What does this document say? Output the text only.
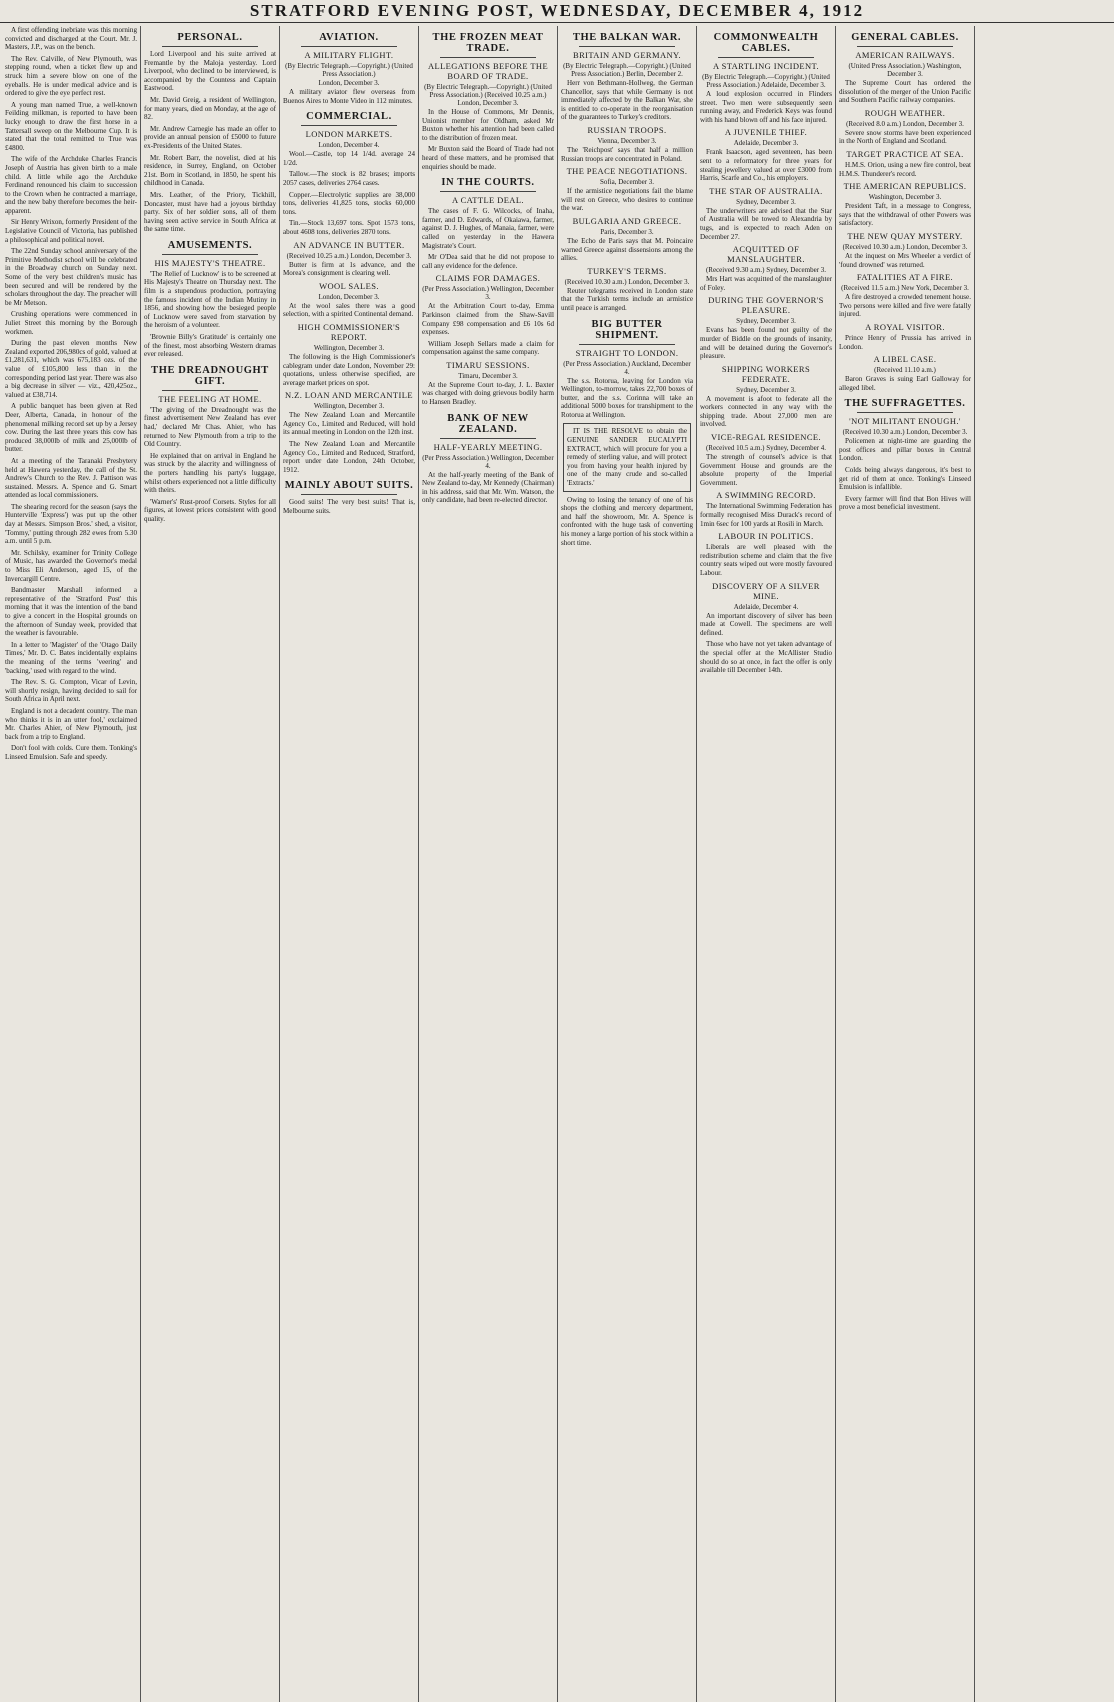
STRATFORD EVENING POST, WEDNESDAY, DECEMBER 4, 1912
A first offending inebriate was this morning convicted and discharged at the Court. Mr. J. Masters, J.P., was on the bench.
The Rev. Calville, of New Plymouth, was stepping round, when a ticket flew up and struck him a severe blow on one of the eyeballs. He is under medical advice and is ordered to give the eye perfect rest.
A young man named True, a well-known Feilding milkman, is reported to have been lucky enough to draw the first horse in a Tattersall sweep on the Melbourne Cup. It is stated that the total remitted to True was £4800.
The wife of the Archduke Charles Francis Joseph of Austria has given birth to a male child. A little while ago the Archduke Ferdinand renounced his claim to succession to the Crown when he contracted a marriage, and the new baby therefore becomes the heir-apparent.
Sir Henry Wrixon, formerly President of the Legislative Council of Victoria, has published a philosophical and political novel.
The 22nd Sunday school anniversary of the Primitive Methodist school will be celebrated in the Broadway church on Sunday next. Some of the very best children's music has been secured and will be rendered by the scholars throughout the day. The preacher will be Mr Metson.
Crushing operations were commenced in Juliet Street this morning by the Borough workmen.
During the past eleven months New Zealand exported 206,980cs of gold, valued at £1,281,631, which was 675,183 ozs. of the value of £105,800 less than in the corresponding period last year. There was also a big decrease in silver — viz., 420,425oz., valued at £38,714.
A public banquet has been given at Red Deer, Alberta, Canada, in honour of the phenomenal milking record set up by a Jersey cow. During the last three years this cow has produced 38,000lb of milk and 25,000lb of butter.
At a meeting of the Taranaki Presbytery held at Hawera yesterday, the call of the St. Andrew's Church to the Rev. J. Pattison was sustained. Messrs. A. Spence and G. Smart attended as local commissioners.
The shearing record for the season (says the Hunterville 'Express') was put up the other day at Messrs. Simpson Bros.' shed, a visitor, 'Tommy,' putting through 282 ewes from 5.30 a.m. until 5 p.m.
Mr. Schilsky, examiner for Trinity College of Music, has awarded the Governor's medal to Miss Eli Anderson, aged 15, of the Invercargill Centre.
Bandmaster Marshall informed a representative of the 'Stratford Post' this morning that it was the intention of the band to give a concert in the Hospital grounds on the afternoon of Sunday week, provided that the weather is favourable.
In a letter to 'Magister' of the 'Otago Daily Times,' Mr. D. C. Bates incidentally explains the meaning of the terms 'veering' and 'backing,' used with regard to the wind.
The Rev. S. G. Compton, Vicar of Levin, will shortly resign, having decided to sail for South Africa in April next.
England is not a decadent country. The man who thinks it is in an utter fool,' exclaimed Mr. Charles Ahier, of New Plymouth, just back from a trip to England.
Don't fool with colds. Cure them. Tonking's Linseed Emulsion. Safe and speedy.
PERSONAL.
Lord Liverpool and his suite arrived at Fremantle by the Maloja yesterday. Lord Liverpool, who declined to be interviewed, is accompanied by the Countess and Captain Eastwood.
Mr. David Greig, a resident of Wellington, for many years, died on Monday, at the age of 82.
Mr. Andrew Carnegie has made an offer to provide an annual pension of £5000 to future ex-Presidents of the United States.
Mr. Robert Barr, the novelist, died at his residence, in Surrey, England, on October 21st. Born in Scotland, in 1850, he spent his childhood in Canada.
Mrs. Leather, of the Priory, Tickhill, Doncaster, must have had a joyous birthday party. Six of her soldier sons, all of them having seen active service in South Africa at the same time.
AMUSEMENTS.
HIS MAJESTY'S THEATRE.
'The Relief of Lucknow' is to be screened at His Majesty's Theatre on Thursday next. The film is a stupendous production, portraying the famous incident of the Indian Mutiny in 1856, and showing how the besieged people of Lucknow were saved from starvation by the heroism of a volunteer.
'Brownie Billy's Gratitude' is certainly one of the finest, most absorbing Western dramas ever released.
THE DREADNOUGHT GIFT.
THE FEELING AT HOME.
'The giving of the Dreadnought was the finest advertisement New Zealand has ever had,' declared Mr Chas. Ahier, who has returned to New Plymouth from a trip to the Old Country.
He explained that on arrival in England he was struck by the alacrity and willingness of the porters handling his party's luggage, whilst others experienced not a little difficulty with theirs.
'Warner's' Rust-proof Corsets. Styles for all figures, at lowest prices consistent with good quality.
AVIATION.
A MILITARY FLIGHT.
(By Electric Telegraph.—Copyright.) (United Press Association.)
London, December 3.
A military aviator flew overseas from Buenos Aires to Monte Video in 112 minutes.
COMMERCIAL.
LONDON MARKETS.
London, December 4.
Wool.—Castle, top 14 1/4d. average 24 1/2d.
Tallow.—The stock is 82 brases; imports 2057 cases, deliveries 2764 cases.
Copper.—Electrolytic supplies are 38,000 tons, deliveries 41,825 tons, stocks 60,000 tons.
Tin.—Stock 13,697 tons. Spot 1573 tons, about 4608 tons, deliveries 2870 tons.
AN ADVANCE IN BUTTER.
(Received 10.25 a.m.) London, December 3.
Butter is firm at 1s advance, and the Morea's consignment is clearing well.
WOOL SALES.
London, December 3.
At the wool sales there was a good selection, with a spirited Continental demand.
HIGH COMMISSIONER'S REPORT.
Wellington, December 3.
The following is the High Commissioner's cablegram under date London, November 29: quotations, unless otherwise specified, are average market prices on spot.
N.Z. LOAN AND MERCANTILE
Wellington, December 3.
The New Zealand Loan and Mercantile Agency Co., Limited and Reduced, will hold its annual meeting in London on the 12th inst.
The New Zealand Loan and Mercantile Agency Co., Limited and Reduced, Stratford, report under date London, 24th October, 1912.
MAINLY ABOUT SUITS.
Good suits! The very best suits! That is, Melbourne suits.
THE FROZEN MEAT TRADE.
ALLEGATIONS BEFORE THE BOARD OF TRADE.
(By Electric Telegraph.—Copyright.) (United Press Association.) (Received 10.25 a.m.) London, December 3.
In the House of Commons, Mr Dennis, Unionist member for Oldham, asked Mr Buxton whether his attention had been called to the distribution of frozen meat.
Mr Buxton said the Board of Trade had not heard of these matters, and he promised that enquiries should be made.
IN THE COURTS.
A CATTLE DEAL.
The cases of F. G. Wilcocks, of Inaha, farmer, and D. Edwards, of Okaiawa, farmer, against D. J. Hughes, of Manaia, farmer, were called on yesterday in the Hawera Magistrate's Court.
Mr O'Dea said that he did not propose to call any evidence for the defence.
CLAIMS FOR DAMAGES.
(Per Press Association.) Wellington, December 3.
At the Arbitration Court to-day, Emma Parkinson claimed from the Shaw-Savill Company £98 compensation and £6 10s 6d expenses.
William Joseph Sellars made a claim for compensation against the same company.
TIMARU SESSIONS.
Timaru, December 3.
At the Supreme Court to-day, J. L. Baxter was charged with doing grievous bodily harm to Hansen Bradley.
BANK OF NEW ZEALAND.
HALF-YEARLY MEETING.
(Per Press Association.) Wellington, December 4.
At the half-yearly meeting of the Bank of New Zealand to-day, Mr Kennedy (Chairman) in his address, said that Mr. Wm. Watson, the only candidate, had been re-elected director.
THE BALKAN WAR.
BRITAIN AND GERMANY.
(By Electric Telegraph.—Copyright.) (United Press Association.) Berlin, December 2.
Herr von Bethmann-Hollweg, the German Chancellor, says that while Germany is not immediately affected by the Balkan War, she is entitled to co-operate in the reorganisation of the guarantees to Turkey's creditors.
RUSSIAN TROOPS.
Vienna, December 3.
The 'Reichpost' says that half a million Russian troops are concentrated in Poland.
THE PEACE NEGOTIATIONS.
Sofia, December 3.
If the armistice negotiations fail the blame will rest on Greece, who desires to continue the war.
BULGARIA AND GREECE.
Paris, December 3.
The Echo de Paris says that M. Poincaire warned Greece against dissensions among the allies.
TURKEY'S TERMS.
(Received 10.30 a.m.) London, December 3.
Reuter telegrams received in London state that the Turkish terms include an armistice until peace is arranged.
BIG BUTTER SHIPMENT.
STRAIGHT TO LONDON.
(Per Press Association.) Auckland, December 4.
The s.s. Rotorua, leaving for London via Wellington, to-morrow, takes 22,700 boxes of butter, and the s.s. Corinna will take an additional 5000 boxes for transhipment to the Rotorua at Wellington.
IT IS THE RESOLVE to obtain the GENUINE SANDER EUCALYPTI EXTRACT, which will procure for you a remedy of sterling value, and will protect you from having your health injured by one of the many crude and so-called 'Extracts.'
Owing to losing the tenancy of one of his shops the clothing and mercery department, and half the showroom, Mr. A. Spence is confronted with the huge task of converting his money a large portion of his stock within a short time.
COMMONWEALTH CABLES.
A STARTLING INCIDENT.
(By Electric Telegraph.—Copyright.) (United Press Association.) Adelaide, December 3.
A loud explosion occurred in Flinders street. Two men were subsequently seen running away, and Frederick Keys was found with his hand blown off and his face injured.
A JUVENILE THIEF.
Adelaide, December 3.
Frank Isaacson, aged seventeen, has been sent to a reformatory for three years for stealing jewellery valued at over £3000 from Harris, Scarfe and Co., his employers.
THE STAR OF AUSTRALIA.
Sydney, December 3.
The underwriters are advised that the Star of Australia will be towed to Alexandria by tugs, and is expected to reach Aden on December 27.
ACQUITTED OF MANSLAUGHTER.
(Received 9.30 a.m.) Sydney, December 3.
Mrs Hart was acquitted of the manslaughter of Foley.
DURING THE GOVERNOR'S PLEASURE.
Sydney, December 3.
Evans has been found not guilty of the murder of Biddle on the grounds of insanity, and will be detained during the Governor's pleasure.
SHIPPING WORKERS FEDERATE.
Sydney, December 3.
A movement is afoot to federate all the workers connected in any way with the shipping trade. About 27,000 men are involved.
VICE-REGAL RESIDENCE.
(Received 10.5 a.m.) Sydney, December 4.
The strength of counsel's advice is that Government House and grounds are the absolute property of the Imperial Government.
A SWIMMING RECORD.
The International Swimming Federation has formally recognised Miss Durack's record of 1min 6sec for 100 yards at Rosili in March.
LABOUR IN POLITICS.
Liberals are well pleased with the redistribution scheme and claim that the five country seats wiped out were mostly favoured Labour.
DISCOVERY OF A SILVER MINE.
Adelaide, December 4.
An important discovery of silver has been made at Cowell. The specimens are well defined.
Those who have not yet taken advantage of the special offer at the McAllister Studio should do so at once, in fact the offer is only available till December 14th.
GENERAL CABLES.
AMERICAN RAILWAYS.
(United Press Association.) Washington, December 3.
The Supreme Court has ordered the dissolution of the merger of the Union Pacific and Southern Pacific railway companies.
ROUGH WEATHER.
(Received 8.0 a.m.) London, December 3.
Severe snow storms have been experienced in the North of England and Scotland.
TARGET PRACTICE AT SEA.
H.M.S. Orion, using a new fire control, beat H.M.S. Thunderer's record.
THE AMERICAN REPUBLICS.
Washington, December 3.
President Taft, in a message to Congress, says that the withdrawal of other Powers was satisfactory.
THE NEW QUAY MYSTERY.
(Received 10.30 a.m.) London, December 3.
At the inquest on Mrs Wheeler a verdict of 'found drowned' was returned.
FATALITIES AT A FIRE.
(Received 11.5 a.m.) New York, December 3.
A fire destroyed a crowded tenement house. Two persons were killed and five were fatally injured.
A ROYAL VISITOR.
Prince Henry of Prussia has arrived in London.
A LIBEL CASE.
(Received 11.10 a.m.)
Baron Graves is suing Earl Galloway for alleged libel.
THE SUFFRAGETTES.
'NOT MILITANT ENOUGH.'
(Received 10.30 a.m.) London, December 3.
Policemen at night-time are guarding the post offices and pillar boxes in Central London.
Colds being always dangerous, it's best to get rid of them at once. Tonking's Linseed Emulsion is infallible.
Every farmer will find that Bon Hives will prove a most beneficial investment.
